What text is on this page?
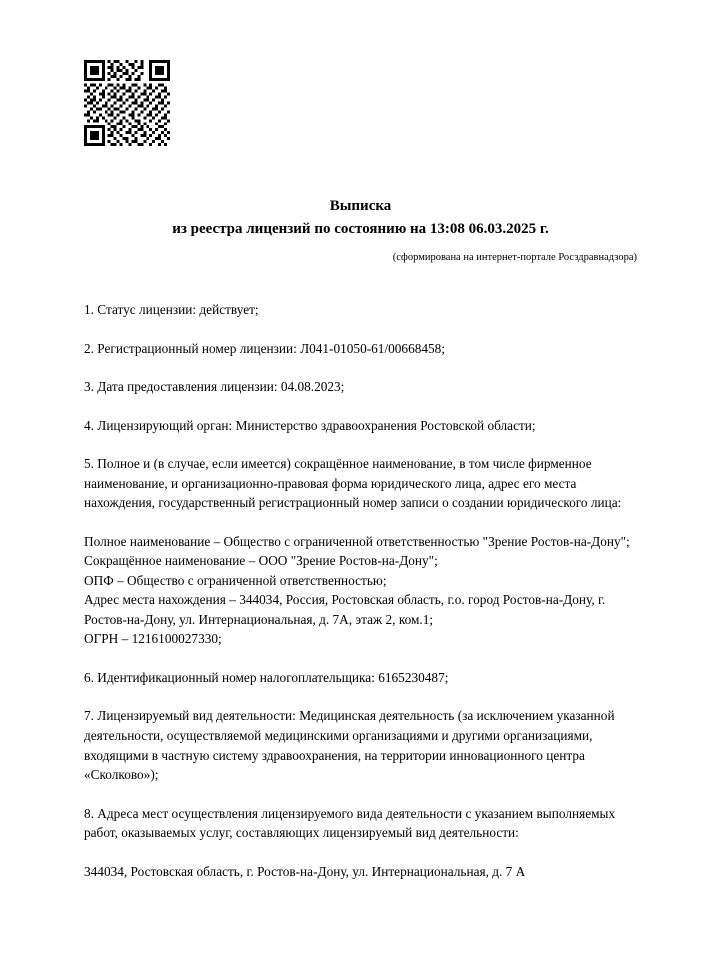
Выписка
из реестра лицензий по состоянию на 13:08 06.03.2025 г.
(сформирована на интернет-портале Росздравнадзора)

1. Статус лицензии: действует;

2. Регистрационный номер лицензии: Л041-01050-61/00668458;

3. Дата предоставления лицензии: 04.08.2023;

4. Лицензирующий орган: Министерство здравоохранения Ростовской области;

5. Полное и (в случае, если имеется) сокращённое наименование, в том числе фирменное наименование, и организационно-правовая форма юридического лица, адрес его места нахождения, государственный регистрационный номер записи о создании юридического лица:

Полное наименование – Общество с ограниченной ответственностью "Зрение Ростов-на-Дону";
Сокращённое наименование – ООО "Зрение Ростов-на-Дону";
ОПФ – Общество с ограниченной ответственностью;
Адрес места нахождения – 344034, Россия, Ростовская область, г.о. город Ростов-на-Дону, г. Ростов-на-Дону, ул. Интернациональная, д. 7А, этаж 2, ком.1;
ОГРН – 1216100027330;

6. Идентификационный номер налогоплательщика: 6165230487;

7. Лицензируемый вид деятельности: Медицинская деятельность (за исключением указанной деятельности, осуществляемой медицинскими организациями и другими организациями, входящими в частную систему здравоохранения, на территории инновационного центра «Сколково»);

8. Адреса мест осуществления лицензируемого вида деятельности с указанием выполняемых работ, оказываемых услуг, составляющих лицензируемый вид деятельности:

344034, Ростовская область, г. Ростов-на-Дону, ул. Интернациональная, д. 7 А
